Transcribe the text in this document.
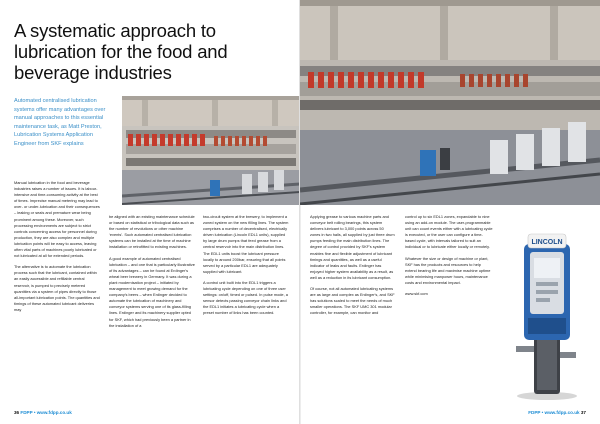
A systematic approach to lubrication for the food and beverage industries

Automated centralised lubrication systems offer many advantages over manual approaches to this essential maintenance task, as Matt Preston, Lubrication Systems Application Engineer from SKF explains

Manual lubrication in the food and beverage industries raises a number of issues. It is labour-intensive and time-consuming activity at the best of times. Imprecise manual metering may lead to over- or under-lubrication and their consequences – leaking or seals and premature wear being prominent among these. Moreover, such processing environments are subject to strict controls concerning access for personnel during production, they are also complex and multiple lubrication points will be easy to access, leaving often vital parts of machines poorly lubricated or not lubricated at all for extended periods.

The alternative is to automate the lubrication process such that the lubricant, contained within an easily accessible and refillable central reservoir, is pumped to precisely metered quantities via a system of pipes directly to those all-important lubrication points. The quantities and timings of these automated lubricant deliveries may

be aligned with an existing maintenance schedule or based on statistical or tribological data such as the number of revolutions or other machine ‘events’. Such automated centralised lubrication systems can be installed at the time of machine installation or retrofitted to existing machines.

A good example of automated centralised lubrication – and one that is particularly illustrative of its advantages – can be found at Erdinger's wheat beer brewery in Germany. It was during a plant modernisation project – initiated by management to meet growing demand for the company's beers – when Erdinger decided to automate the lubrication of machinery and conveyor systems serving one of its glass-filling lines. Erdinger and its machinery supplier opted for SKF, which had previously been a partner in the installation of a

two-circuit system at the brewery, to implement a zoned system on the new filling lines. The system comprises a number of decentralised, electrically driven lubrication (Lincoln EDL1 units), supplied by large drum pumps that feed grease from a central reservoir into the main distribution lines. The EDL1 units boost the lubricant pressure locally to around 200bar, ensuring that all points served by a particular EDL1 are adequately supplied with lubricant.

A control unit built into the EDL1 triggers a lubricating cycle depending on one of three user settings: on/off, timed or pulsed. In pulse mode, a sensor detects passing conveyor chain links and the EDL1 initiates a lubricating cycle when a preset number of links has been counted.

36 FDPP • www.fdpp.co.uk

Applying grease to various machine parts and conveyor belt rolling bearings, this system delivers lubricant to 3,000 points across 50 zones in two halls, all supplied by just three drum pumps feeding the main distribution lines. The degree of control provided by SKF's system enables fine and flexible adjustment of lubricant timings and quantities, as well as a useful indicator of leaks and faults. Erdinger has enjoyed higher system availability as a result, as well as a reduction in its lubricant consumption.

Of course, not all automated lubricating systems are as large and complex as Erdinger's, and SKF has solutions scaled to meet the needs of much smaller operations. The SKF UMC 301 modular controller, for example, can monitor and

control up to six EDL1 zones, expandable to nine using an add-on module. The user-programmable unit can count events either with a lubricating cycle is executed, or the user can configure a time-based cycle, with intervals tailored to suit an individual or to lubricate either locally or remotely.

Whatever the size or design of machine or plant, SKF has the products and resources to help extend bearing life and maximise machine uptime while minimising manpower hours, maintenance costs and environmental impact.

www.skf.com

LINCOLN
FDPP • www.fdpp.co.uk 37
